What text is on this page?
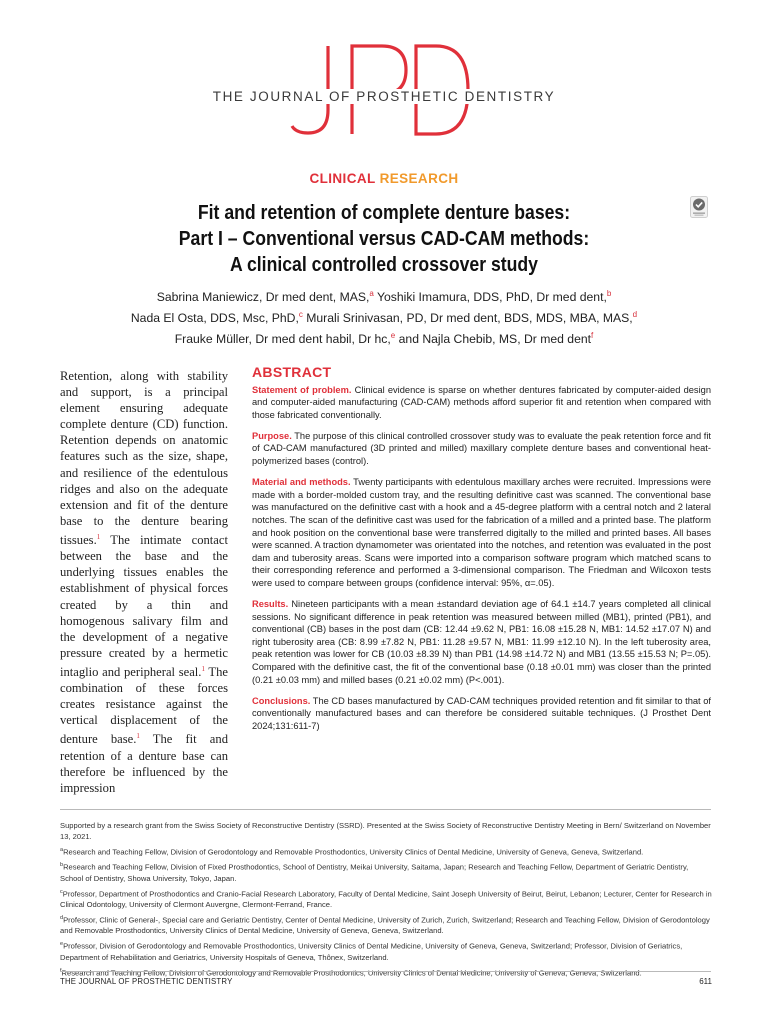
THE JOURNAL OF PROSTHETIC DENTISTRY
CLINICAL RESEARCH
Fit and retention of complete denture bases:
Part I – Conventional versus CAD-CAM methods:
A clinical controlled crossover study
Sabrina Maniewicz, Dr med dent, MAS,$^a$ Yoshiki Imamura, DDS, PhD, Dr med dent,$^b$
Nada El Osta, DDS, Msc, PhD,$^c$ Murali Srinivasan, PD, Dr med dent, BDS, MDS, MBA, MAS,$^d$
Frauke Müller, Dr med dent habil, Dr hc,$^e$ and Najla Chebib, MS, Dr med dent$^f$
Retention, along with stability and support, is a principal element ensuring adequate complete denture (CD) function. Retention depends on anatomic features such as the size, shape, and resilience of the edentulous ridges and also on the adequate extension and fit of the denture base to the denture bearing tissues.$^1$ The intimate contact between the base and the underlying tissues enables the establishment of physical forces created by a thin and homogenous salivary film and the development of a negative pressure created by a hermetic intaglio and peripheral seal.$^1$ The combination of these forces creates resistance against the vertical displacement of the denture base.$^1$ The fit and retention of a denture base can therefore be influenced by the impression
ABSTRACT

Statement of problem. Clinical evidence is sparse on whether dentures fabricated by computer-aided design and computer-aided manufacturing (CAD-CAM) methods afford superior fit and retention when compared with those fabricated conventionally.

Purpose. The purpose of this clinical controlled crossover study was to evaluate the peak retention force and fit of CAD-CAM manufactured (3D printed and milled) maxillary complete denture bases and conventional heat-polymerized bases (control).

Material and methods. Twenty participants with edentulous maxillary arches were recruited. Impressions were made with a border-molded custom tray, and the resulting definitive cast was scanned. The conventional base was manufactured on the definitive cast with a hook and a 45-degree platform with a central notch and 2 lateral notches. The scan of the definitive cast was used for the fabrication of a milled and a printed base. The platform and hook position on the conventional base were transferred digitally to the milled and printed bases. All bases were scanned. A traction dynamometer was orientated into the notches, and retention was evaluated in the post dam and tuberosity areas. Scans were imported into a comparison software program which matched scans to their corresponding reference and performed a 3-dimensional comparison. The Friedman and Wilcoxon tests were used to compare between groups (confidence interval: 95%, α=.05).

Results. Nineteen participants with a mean ±standard deviation age of 64.1 ±14.7 years completed all clinical sessions. No significant difference in peak retention was measured between milled (MB1), printed (PB1), and conventional (CB) bases in the post dam (CB: 12.44 ±9.62 N, PB1: 16.08 ±15.28 N, MB1: 14.52 ±17.07 N) and right tuberosity area (CB: 8.99 ±7.82 N, PB1: 11.28 ±9.57 N, MB1: 11.99 ±12.10 N). In the left tuberosity area, peak retention was lower for CB (10.03 ±8.39 N) than PB1 (14.98 ±14.72 N) and MB1 (13.55 ±15.53 N; P=.05). Compared with the definitive cast, the fit of the conventional base (0.18 ±0.01 mm) was closer than the printed (0.21 ±0.03 mm) and milled bases (0.21 ±0.02 mm) (P<.001).

Conclusions. The CD bases manufactured by CAD-CAM techniques provided retention and fit similar to that of conventionally manufactured bases and can therefore be considered suitable techniques. (J Prosthet Dent 2024;131:611-7)

Supported by a research grant from the Swiss Society of Reconstructive Dentistry (SSRD). Presented at the Swiss Society of Reconstructive Dentistry Meeting in Bern/ Switzerland on November 13, 2021.

$^a$Research and Teaching Fellow, Division of Gerodontology and Removable Prosthodontics, University Clinics of Dental Medicine, University of Geneva, Geneva, Switzerland.

$^b$Research and Teaching Fellow, Division of Fixed Prosthodontics, School of Dentistry, Meikai University, Saitama, Japan; Research and Teaching Fellow, Department of Geriatric Dentistry, School of Dentistry, Showa University, Tokyo, Japan.

$^c$Professor, Department of Prosthodontics and Cranio-Facial Research Laboratory, Faculty of Dental Medicine, Saint Joseph University of Beirut, Beirut, Lebanon; Lecturer, Center for Research in Clinical Odontology, University of Clermont Auvergne, Clermont-Ferrand, France.

$^d$Professor, Clinic of General-, Special care and Geriatric Dentistry, Center of Dental Medicine, University of Zurich, Zurich, Switzerland; Research and Teaching Fellow, Division of Gerodontology and Removable Prosthodontics, University Clinics of Dental Medicine, University of Geneva, Geneva, Switzerland.

$^e$Professor, Division of Gerodontology and Removable Prosthodontics, University Clinics of Dental Medicine, University of Geneva, Geneva, Switzerland; Professor, Division of Geriatrics, Department of Rehabilitation and Geriatrics, University Hospitals of Geneva, Thônex, Switzerland.

$^f$Research and Teaching Fellow, Division of Gerodontology and Removable Prosthodontics, University Clinics of Dental Medicine, University of Geneva, Geneva, Switzerland.

THE JOURNAL OF PROSTHETIC DENTISTRY	611
